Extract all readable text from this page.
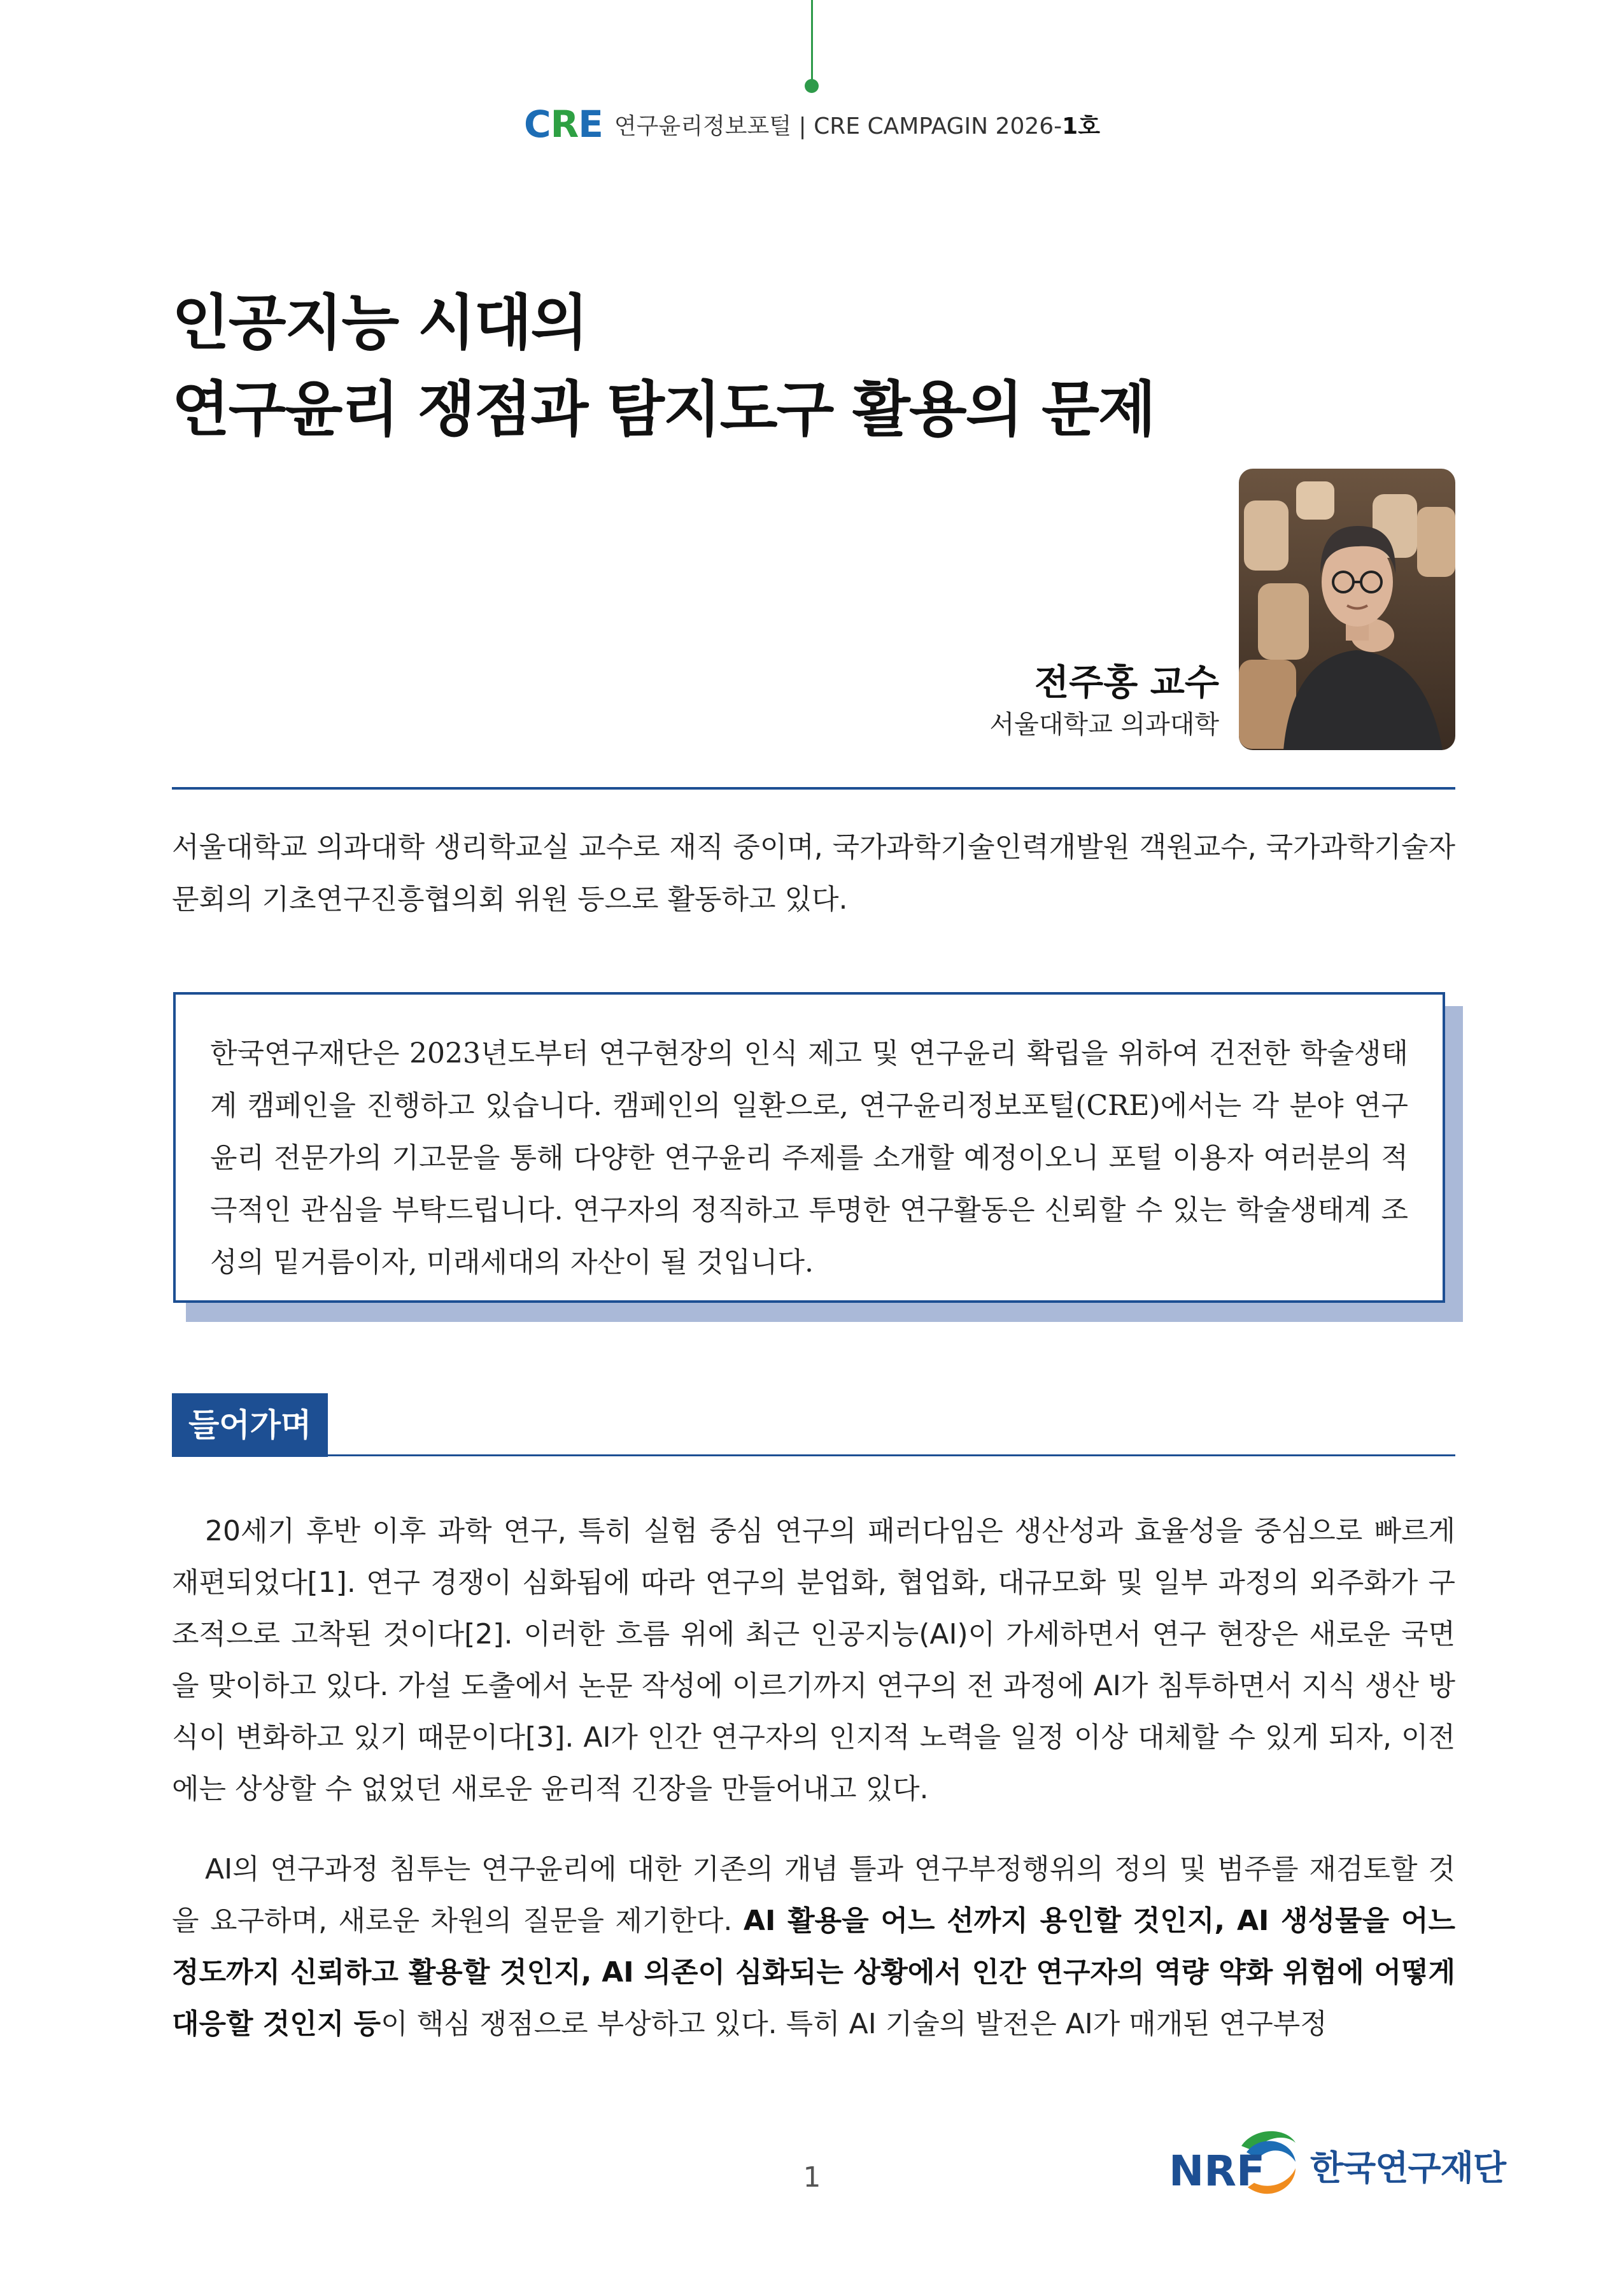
CRE 연구윤리정보포털 | CRE CAMPAGIN 2026-1호
인공지능 시대의
연구윤리 쟁점과 탐지도구 활용의 문제
전주홍 교수
서울대학교 의과대학
서울대학교 의과대학 생리학교실 교수로 재직 중이며, 국가과학기술인력개발원 객원교수, 국가과학기술자문회의 기초연구진흥협의회 위원 등으로 활동하고 있다.

한국연구재단은 2023년도부터 연구현장의 인식 제고 및 연구윤리 확립을 위하여 건전한 학술생태계 캠페인을 진행하고 있습니다. 캠페인의 일환으로, 연구윤리정보포털(CRE)에서는 각 분야 연구윤리 전문가의 기고문을 통해 다양한 연구윤리 주제를 소개할 예정이오니 포털 이용자 여러분의 적극적인 관심을 부탁드립니다. 연구자의 정직하고 투명한 연구활동은 신뢰할 수 있는 학술생태계 조성의 밑거름이자, 미래세대의 자산이 될 것입니다.

들어가며

20세기 후반 이후 과학 연구, 특히 실험 중심 연구의 패러다임은 생산성과 효율성을 중심으로 빠르게 재편되었다[1]. 연구 경쟁이 심화됨에 따라 연구의 분업화, 협업화, 대규모화 및 일부 과정의 외주화가 구조적으로 고착된 것이다[2]. 이러한 흐름 위에 최근 인공지능(AI)이 가세하면서 연구 현장은 새로운 국면을 맞이하고 있다. 가설 도출에서 논문 작성에 이르기까지 연구의 전 과정에 AI가 침투하면서 지식 생산 방식이 변화하고 있기 때문이다[3]. AI가 인간 연구자의 인지적 노력을 일정 이상 대체할 수 있게 되자, 이전에는 상상할 수 없었던 새로운 윤리적 긴장을 만들어내고 있다.

AI의 연구과정 침투는 연구윤리에 대한 기존의 개념 틀과 연구부정행위의 정의 및 범주를 재검토할 것을 요구하며, 새로운 차원의 질문을 제기한다. AI 활용을 어느 선까지 용인할 것인지, AI 생성물을 어느 정도까지 신뢰하고 활용할 것인지, AI 의존이 심화되는 상황에서 인간 연구자의 역량 약화 위험에 어떻게 대응할 것인지 등이 핵심 쟁점으로 부상하고 있다. 특히 AI 기술의 발전은 AI가 매개된 연구부정

1	NRF 한국연구재단
